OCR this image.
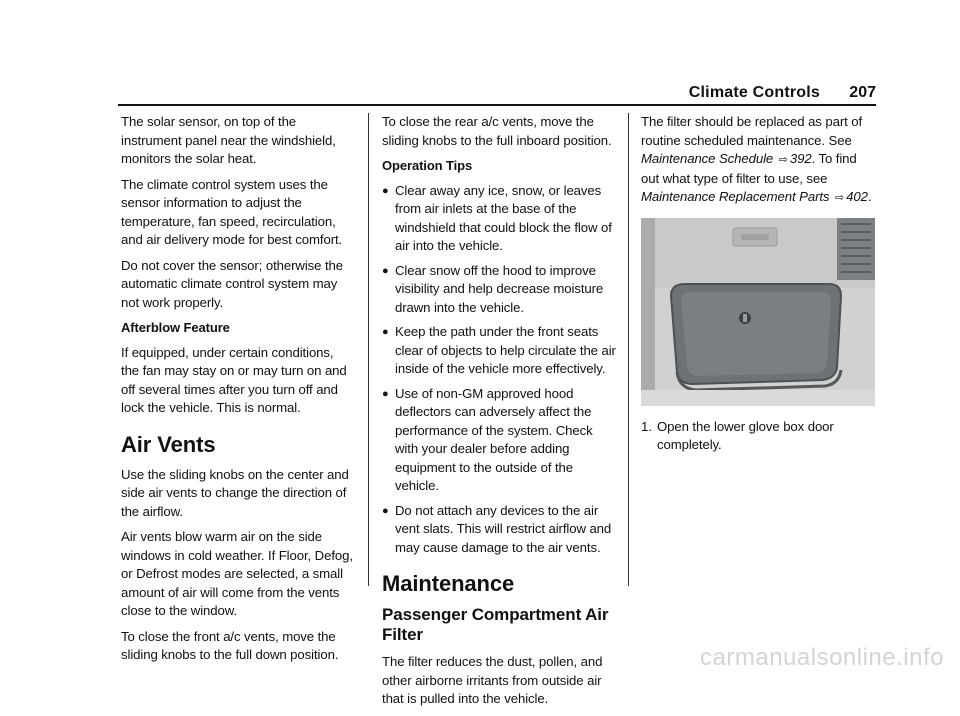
Climate Controls 207

The solar sensor, on top of the instrument panel near the windshield, monitors the solar heat.

The climate control system uses the sensor information to adjust the temperature, fan speed, recirculation, and air delivery mode for best comfort.

Do not cover the sensor; otherwise the automatic climate control system may not work properly.

Afterblow Feature

If equipped, under certain conditions, the fan may stay on or may turn on and off several times after you turn off and lock the vehicle. This is normal.

Air Vents

Use the sliding knobs on the center and side air vents to change the direction of the airflow.

Air vents blow warm air on the side windows in cold weather. If Floor, Defog, or Defrost modes are selected, a small amount of air will come from the vents close to the window.

To close the front a/c vents, move the sliding knobs to the full down position.

To close the rear a/c vents, move the sliding knobs to the full inboard position.

Operation Tips
● Clear away any ice, snow, or leaves from air inlets at the base of the windshield that could block the flow of air into the vehicle.
● Clear snow off the hood to improve visibility and help decrease moisture drawn into the vehicle.
● Keep the path under the front seats clear of objects to help circulate the air inside of the vehicle more effectively.
● Use of non-GM approved hood deflectors can adversely affect the performance of the system. Check with your dealer before adding equipment to the outside of the vehicle.
● Do not attach any devices to the air vent slats. This will restrict airflow and may cause damage to the air vents.
Maintenance
Passenger Compartment Air Filter

The filter reduces the dust, pollen, and other airborne irritants from outside air that is pulled into the vehicle.

The filter should be replaced as part of routine scheduled maintenance. See Maintenance Schedule ⇨ 392. To find out what type of filter to use, see Maintenance Replacement Parts ⇨ 402.

1. Open the lower glove box door completely.
carmanualsonline.info
